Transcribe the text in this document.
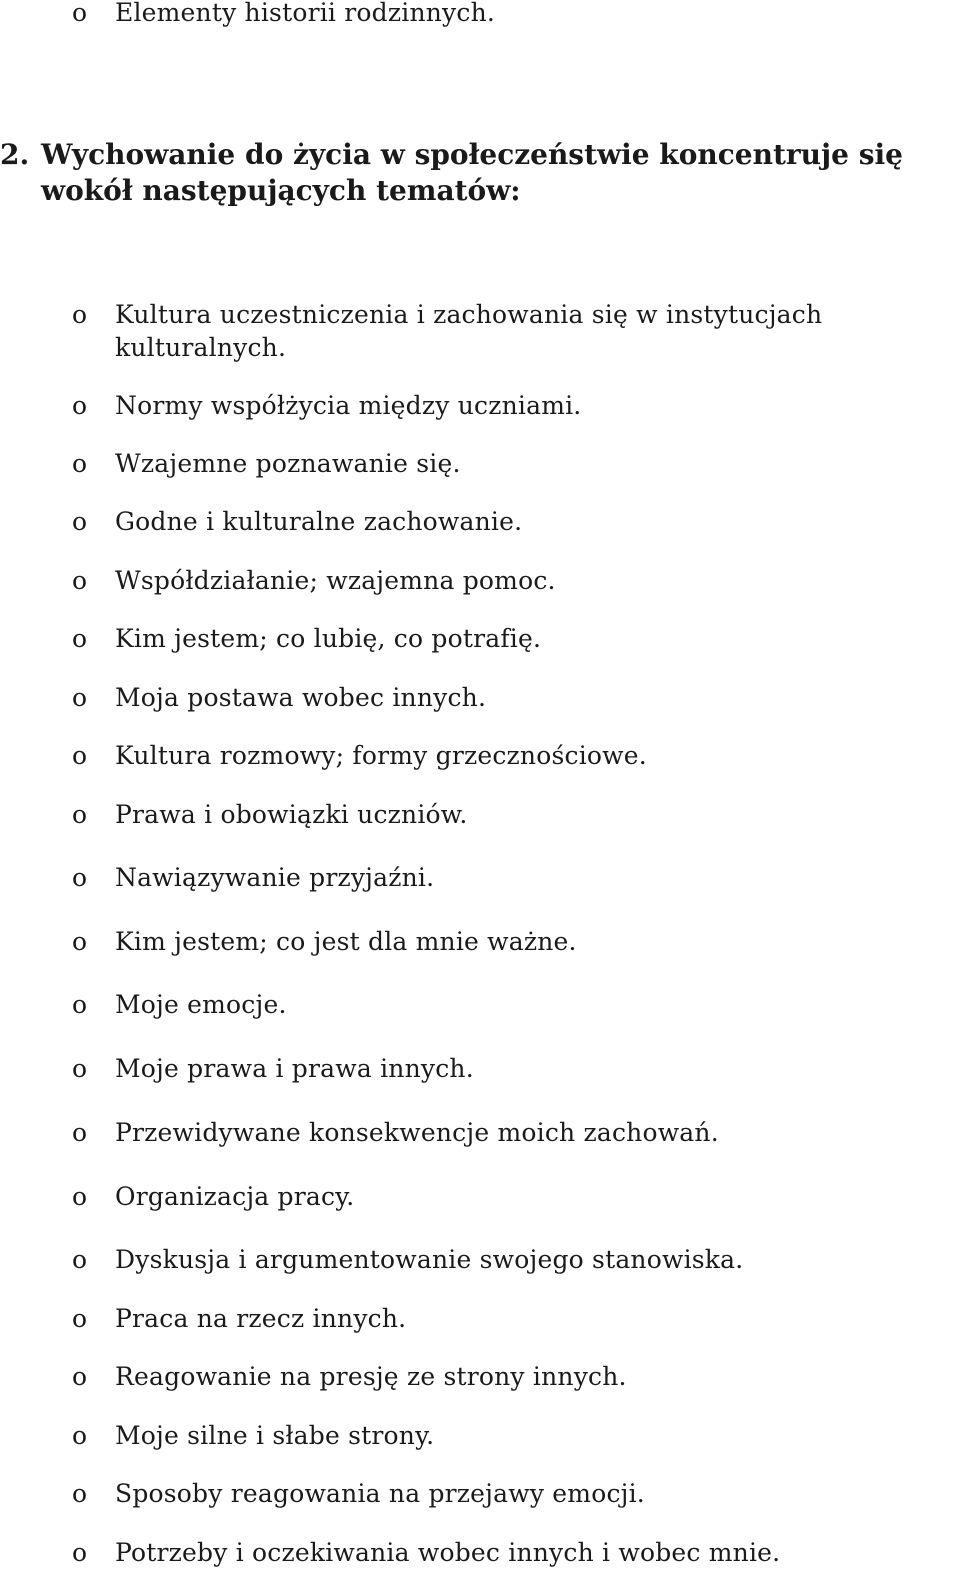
o Elementy historii rodzinnych.
2. Wychowanie do życia w społeczeństwie koncentruje się wokół następujących tematów:
o Kultura uczestniczenia i zachowania się w instytucjach kulturalnych.
o Normy współżycia między uczniami.
o Wzajemne poznawanie się.
o Godne i kulturalne zachowanie.
o Współdziałanie; wzajemna pomoc.
o Kim jestem; co lubię, co potrafię.
o Moja postawa wobec innych.
o Kultura rozmowy; formy grzecznościowe.
o Prawa i obowiązki uczniów.
o Nawiązywanie przyjaźni.
o Kim jestem; co jest dla mnie ważne.
o Moje emocje.
o Moje prawa i prawa innych.
o Przewidywane konsekwencje moich zachowań.
o Organizacja pracy.
o Dyskusja i argumentowanie swojego stanowiska.
o Praca na rzecz innych.
o Reagowanie na presję ze strony innych.
o Moje silne i słabe strony.
o Sposoby reagowania na przejawy emocji.
o Potrzeby i oczekiwania wobec innych i wobec mnie.
